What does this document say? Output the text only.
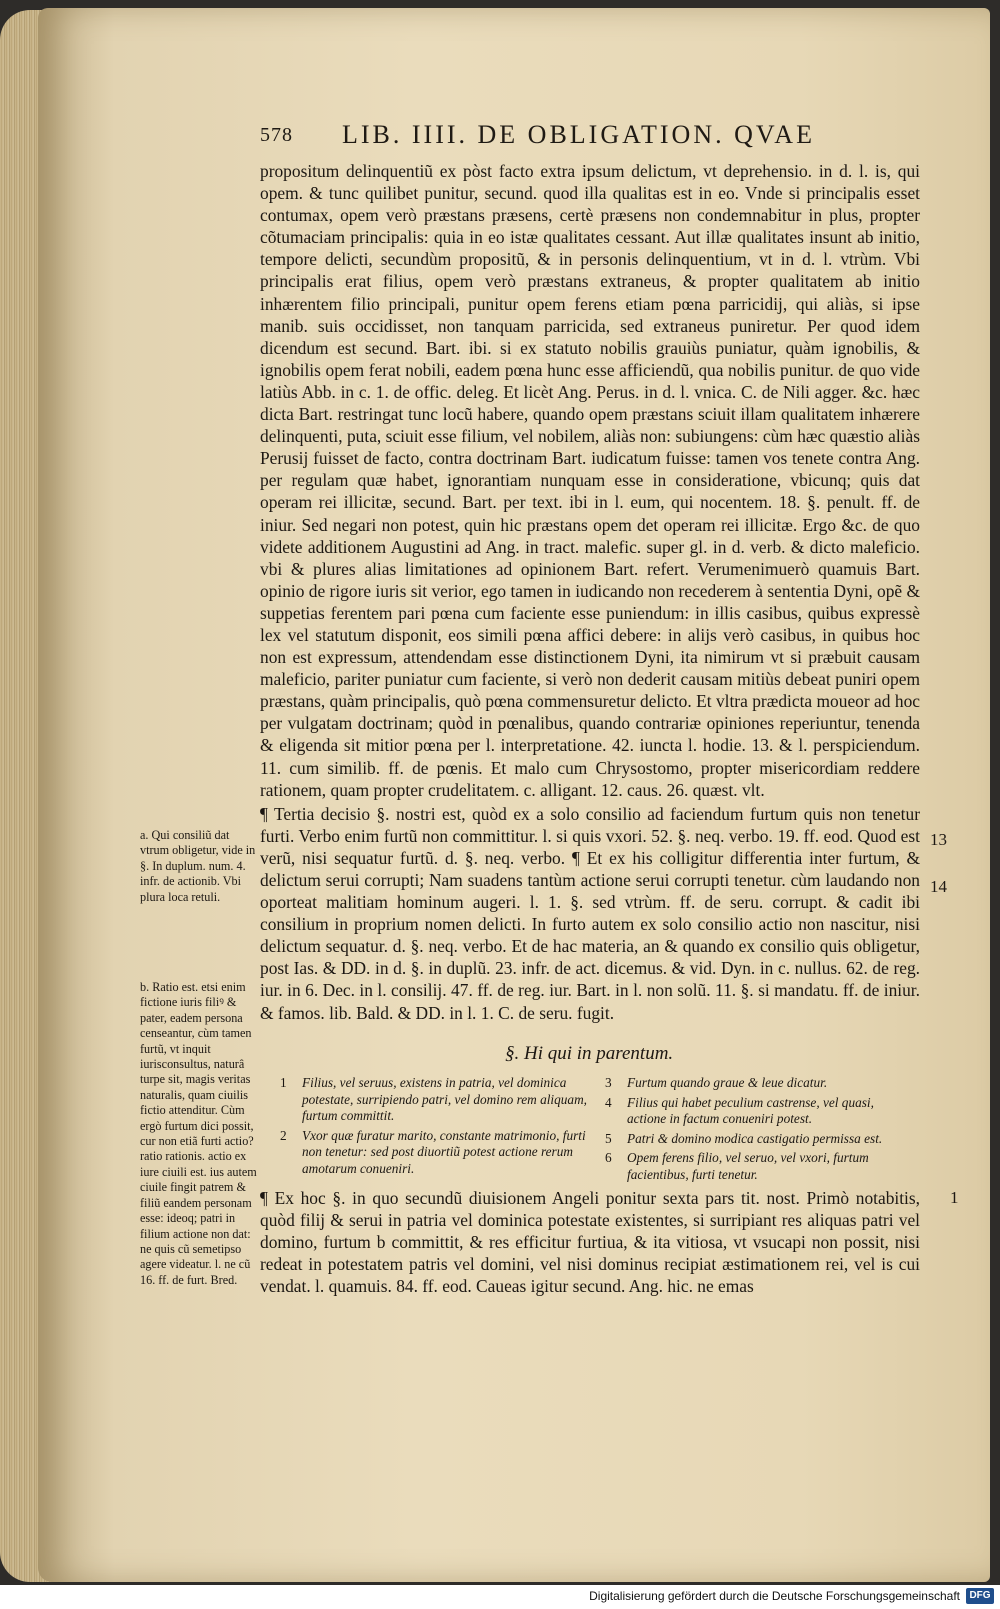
578 LIB. IIII. DE OBLIGATION. QVAE

propositum delinquentiũ ex pòst facto extra ipsum delictum, vt deprehensio. in d. l. is, qui opem. & tunc quilibet punitur, secund. quod illa qualitas est in eo. Vnde si principalis esset contumax, opem verò præstans præsens, certè præsens non condemnabitur in plus, propter cõtumaciam principalis: quia in eo istæ qualitates cessant. Aut illæ qualitates insunt ab initio, tempore delicti, secundùm propositũ, & in personis delinquentium, vt in d. l. vtrùm. Vbi principalis erat filius, opem verò præstans extraneus, & propter qualitatem ab initio inhærentem filio principali, punitur opem ferens etiam pœna parricidij, qui aliàs, si ipse manib. suis occidisset, non tanquam parricida, sed extraneus puniretur. Per quod idem dicendum est secund. Bart. ibi. si ex statuto nobilis grauiùs puniatur, quàm ignobilis, & ignobilis opem ferat nobili, eadem pœna hunc esse afficiendũ, qua nobilis punitur. de quo vide latiùs Abb. in c. 1. de offic. deleg. Et licèt Ang. Perus. in d. l. vnica. C. de Nili agger. &c. hæc dicta Bart. restringat tunc locũ habere, quando opem præstans sciuit illam qualitatem inhærere delinquenti, puta, sciuit esse filium, vel nobilem, aliàs non: subiungens: cùm hæc quæstio aliàs Perusij fuisset de facto, contra doctrinam Bart. iudicatum fuisse: tamen vos tenete contra Ang. per regulam quæ habet, ignorantiam nunquam esse in consideratione, vbicunq; quis dat operam rei illicitæ, secund. Bart. per text. ibi in l. eum, qui nocentem. 18. §. penult. ff. de iniur. Sed negari non potest, quin hic præstans opem det operam rei illicitæ. Ergo &c. de quo videte additionem Augustini ad Ang. in tract. malefic. super gl. in d. verb. & dicto maleficio. vbi & plures alias limitationes ad opinionem Bart. refert. Verumenimuerò quamuis Bart. opinio de rigore iuris sit verior, ego tamen in iudicando non recederem à sententia Dyni, opẽ & suppetias ferentem pari pœna cum faciente esse puniendum: in illis casibus, quibus expressè lex vel statutum disponit, eos simili pœna affici debere: in alijs verò casibus, in quibus hoc non est expressum, attendendam esse distinctionem Dyni, ita nimirum vt si præbuit causam maleficio, pariter puniatur cum faciente, si verò non dederit causam mitiùs debeat puniri opem præstans, quàm principalis, quò pœna commensuretur delicto. Et vltra prædicta moueor ad hoc per vulgatam doctrinam; quòd in pœnalibus, quando contrariæ opiniones reperiuntur, tenenda & eligenda sit mitior pœna per l. interpretatione. 42. iuncta l. hodie. 13. & l. perspiciendum. 11. cum similib. ff. de pœnis. Et malo cum Chrysostomo, propter misericordiam reddere rationem, quam propter crudelitatem. c. alligant. 12. caus. 26. quæst. vlt.

¶ Tertia decisio §. nostri est, quòd ex a solo consilio ad faciendum furtum quis non tenetur furti. Verbo enim furtũ non committitur. l. si quis vxori. 52. §. neq. verbo. 19. ff. eod. Quod est verũ, nisi sequatur furtũ. d. §. neq. verbo. ¶ Et ex his colligitur differentia inter furtum, & delictum serui corrupti; Nam suadens tantùm actione serui corrupti tenetur. cùm laudando non oporteat malitiam hominum augeri. l. 1. §. sed vtrùm. ff. de seru. corrupt. & cadit ibi consilium in proprium nomen delicti. In furto autem ex solo consilio actio non nascitur, nisi delictum sequatur. d. §. neq. verbo. Et de hac materia, an & quando ex consilio quis obligetur, post Ias. & DD. in d. §. in duplũ. 23. infr. de act. dicemus. & vid. Dyn. in c. nullus. 62. de reg. iur. in 6. Dec. in l. consilij. 47. ff. de reg. iur. Bart. in l. non solũ. 11. §. si mandatu. ff. de iniur. & famos. lib. Bald. & DD. in l. 1. C. de seru. fugit.

13
14

a. Qui consiliũ dat vtrum obligetur, vide in §. In duplum. num. 4. infr. de actionib. Vbi plura loca retuli.

b. Ratio est. etsi enim fictione iuris filiꝰ & pater, eadem persona censeantur, cùm tamen furtũ, vt inquit iurisconsultus, naturâ turpe sit, magis veritas naturalis, quam ciuilis fictio attenditur. Cùm ergò furtum dici possit, cur non etiã furti actio? ratio rationis. actio ex iure ciuili est. ius autem ciuile fingit patrem & filiũ eandem personam esse: ideoq; patri in filium actione non dat: ne quis cũ semetipso agere videatur. l. ne cũ 16. ff. de furt. Bred.

§. Hi qui in parentum.
1	Filius, vel seruus, existens in patria, vel dominica potestate, surripiendo patri, vel domino rem aliquam, furtum committit.
2	Vxor quæ furatur marito, constante matrimonio, furti non tenetur: sed post diuortiũ potest actione rerum amotarum conueniri.
3	Furtum quando graue & leue dicatur.
4	Filius qui habet peculium castrense, vel quasi, actione in factum conueniri potest.
5	Patri & domino modica castigatio permissa est.
6	Opem ferens filio, vel seruo, vel vxori, furtum facientibus, furti tenetur.

¶ Ex hoc §. in quo secundũ diuisionem Angeli ponitur sexta pars tit. nost. Primò notabitis, quòd filij & serui in patria vel dominica potestate existentes, si surripiant res aliquas patri vel domino, furtum b committit, & res efficitur furtiua, & ita vitiosa, vt vsucapi non possit, nisi redeat in potestatem patris vel domini, vel nisi dominus recipiat æstimationem rei, vel is cui vendat. l. quamuis. 84. ff. eod. Caueas igitur secund. Ang. hic. ne emas

1
Digitalisierung gefördert durch die Deutsche Forschungsgemeinschaft DFG
